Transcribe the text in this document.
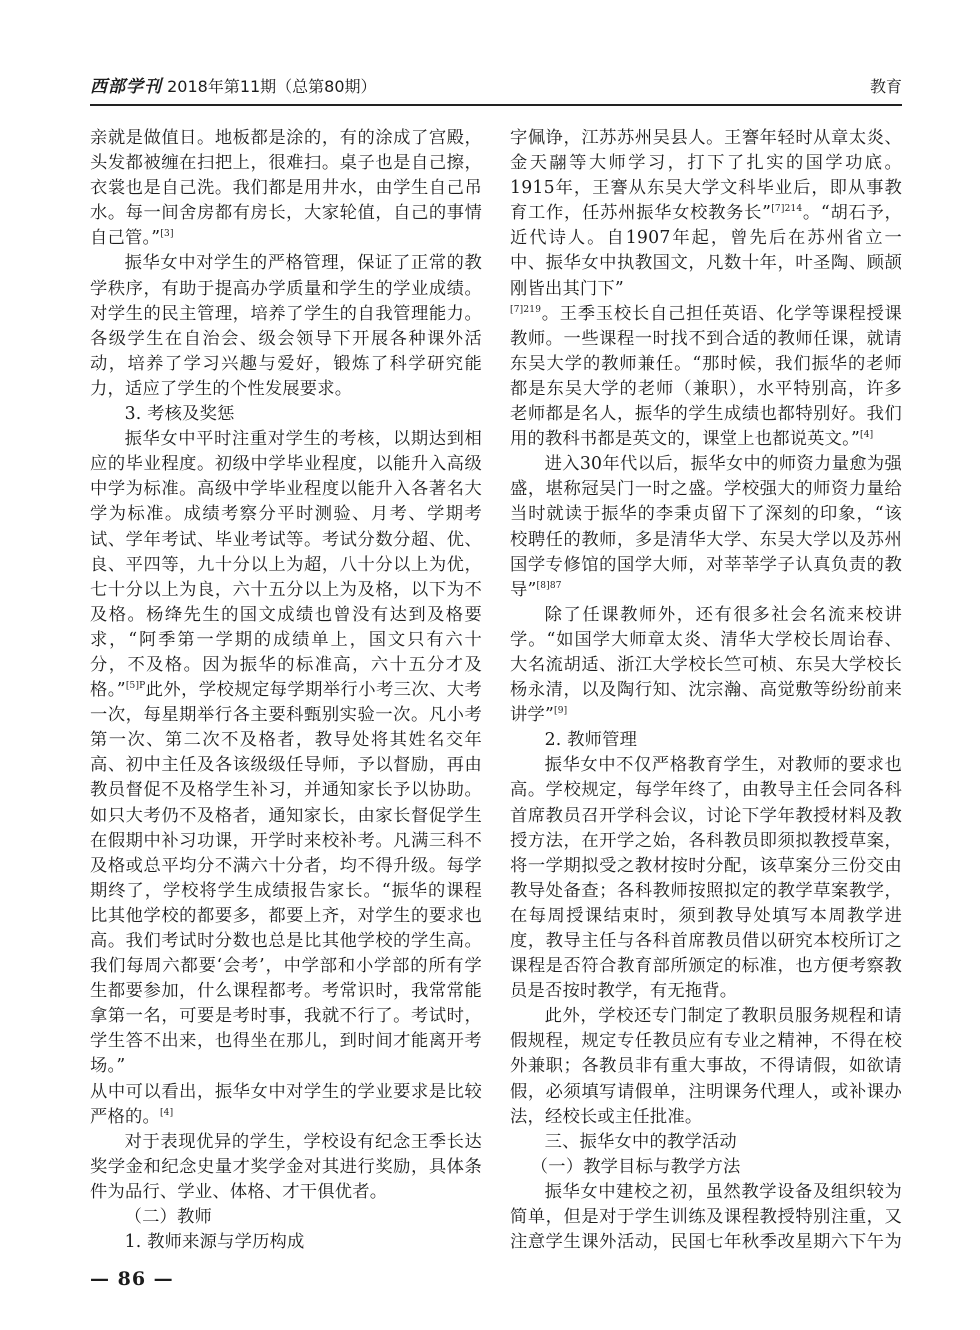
西部学刊 2018年第11期（总第80期）	教育

亲就是做值日。地板都是涂的，有的涂成了宫殿，头发都被缠在扫把上，很难扫。桌子也是自己擦，衣裳也是自己洗。我们都是用井水，由学生自己吊水。每一间舍房都有房长，大家轮值，自己的事情自己管。”[3]

振华女中对学生的严格管理，保证了正常的教学秩序，有助于提高办学质量和学生的学业成绩。对学生的民主管理，培养了学生的自我管理能力。各级学生在自治会、级会领导下开展各种课外活动，培养了学习兴趣与爱好，锻炼了科学研究能力，适应了学生的个性发展要求。

3. 考核及奖惩

振华女中平时注重对学生的考核，以期达到相应的毕业程度。初级中学毕业程度，以能升入高级中学为标准。高级中学毕业程度以能升入各著名大学为标准。成绩考察分平时测验、月考、学期考试、学年考试、毕业考试等。考试分数分超、优、良、平四等，九十分以上为超，八十分以上为优，七十分以上为良，六十五分以上为及格，以下为不及格。杨绛先生的国文成绩也曾没有达到及格要求，“阿季第一学期的成绩单上，国文只有六十分，不及格。因为振华的标准高，六十五分才及格。”$^{[5]P}$此外，学校规定每学期举行小考三次、大考一次，每星期举行各主要科甄别实验一次。凡小考第一次、第二次不及格者，教导处将其姓名交年高、初中主任及各该级级任导师，予以督励，再由教员督促不及格学生补习，并通知家长予以协助。如只大考仍不及格者，通知家长，由家长督促学生在假期中补习功课，开学时来校补考。凡满三科不及格或总平均分不满六十分者，均不得升级。每学期终了，学校将学生成绩报告家长。“振华的课程比其他学校的都要多，都要上齐，对学生的要求也高。我们考试时分数也总是比其他学校的学生高。我们每周六都要‘会考’，中学部和小学部的所有学生都要参加，什么课程都考。考常识时，我常常能拿第一名，可要是考时事，我就不行了。考试时，学生答不出来，也得坐在那儿，到时间才能离开考场。”

从中可以看出，振华女中对学生的学业要求是比较严格的。[4]

对于表现优异的学生，学校设有纪念王季长达奖学金和纪念史量才奖学金对其进行奖励，具体条件为品行、学业、体格、才干俱优者。

（二）教师

1. 教师来源与学历构成

字佩诤，江苏苏州吴县人。王謇年轻时从章太炎、金天翮等大师学习，打下了扎实的国学功底。1915年，王謇从东吴大学文科毕业后，即从事教育工作，任苏州振华女校教务长”$^{[7]214}$。“胡石予，近代诗人。自1907年起，曾先后在苏州省立一中、振华女中执教国文，凡数十年，叶圣陶、顾颉刚皆出其门下”

$^{[7]219}$。王季玉校长自己担任英语、化学等课程授课教师。一些课程一时找不到合适的教师任课，就请东吴大学的教师兼任。“那时候，我们振华的老师都是东吴大学的老师（兼职），水平特别高，许多老师都是名人，振华的学生成绩也都特别好。我们用的教科书都是英文的，课堂上也都说英文。”[4]

进入30年代以后，振华女中的师资力量愈为强盛，堪称冠吴门一时之盛。学校强大的师资力量给当时就读于振华的李秉贞留下了深刻的印象，“该校聘任的教师，多是清华大学、东吴大学以及苏州国学专修馆的国学大师，对莘莘学子认真负责的教导”$^{[8]87}$

除了任课教师外，还有很多社会名流来校讲学。“如国学大师章太炎、清华大学校长周诒春、大名流胡适、浙江大学校长竺可桢、东吴大学校长杨永清，以及陶行知、沈宗瀚、高觉敷等纷纷前来讲学”[9]

2. 教师管理

振华女中不仅严格教育学生，对教师的要求也高。学校规定，每学年终了，由教导主任会同各科首席教员召开学科会议，讨论下学年教授材料及教授方法，在开学之始，各科教员即须拟教授草案，将一学期拟受之教材按时分配，该草案分三份交由教导处备查；各科教师按照拟定的教学草案教学，在每周授课结束时，须到教导处填写本周教学进度，教导主任与各科首席教员借以研究本校所订之课程是否符合教育部所颁定的标准，也方便考察教员是否按时教学，有无拖背。

此外，学校还专门制定了教职员服务规程和请假规程，规定专任教员应有专业之精神，不得在校外兼职；各教员非有重大事故，不得请假，如欲请假，必须填写请假单，注明课务代理人，或补课办法，经校长或主任批准。

三、振华女中的教学活动

（一）教学目标与教学方法

振华女中建校之初，虽然教学设备及组织较为简单，但是对于学生训练及课程教授特别注重，又注意学生课外活动，民国七年秋季改星期六下午为

— 86 —
